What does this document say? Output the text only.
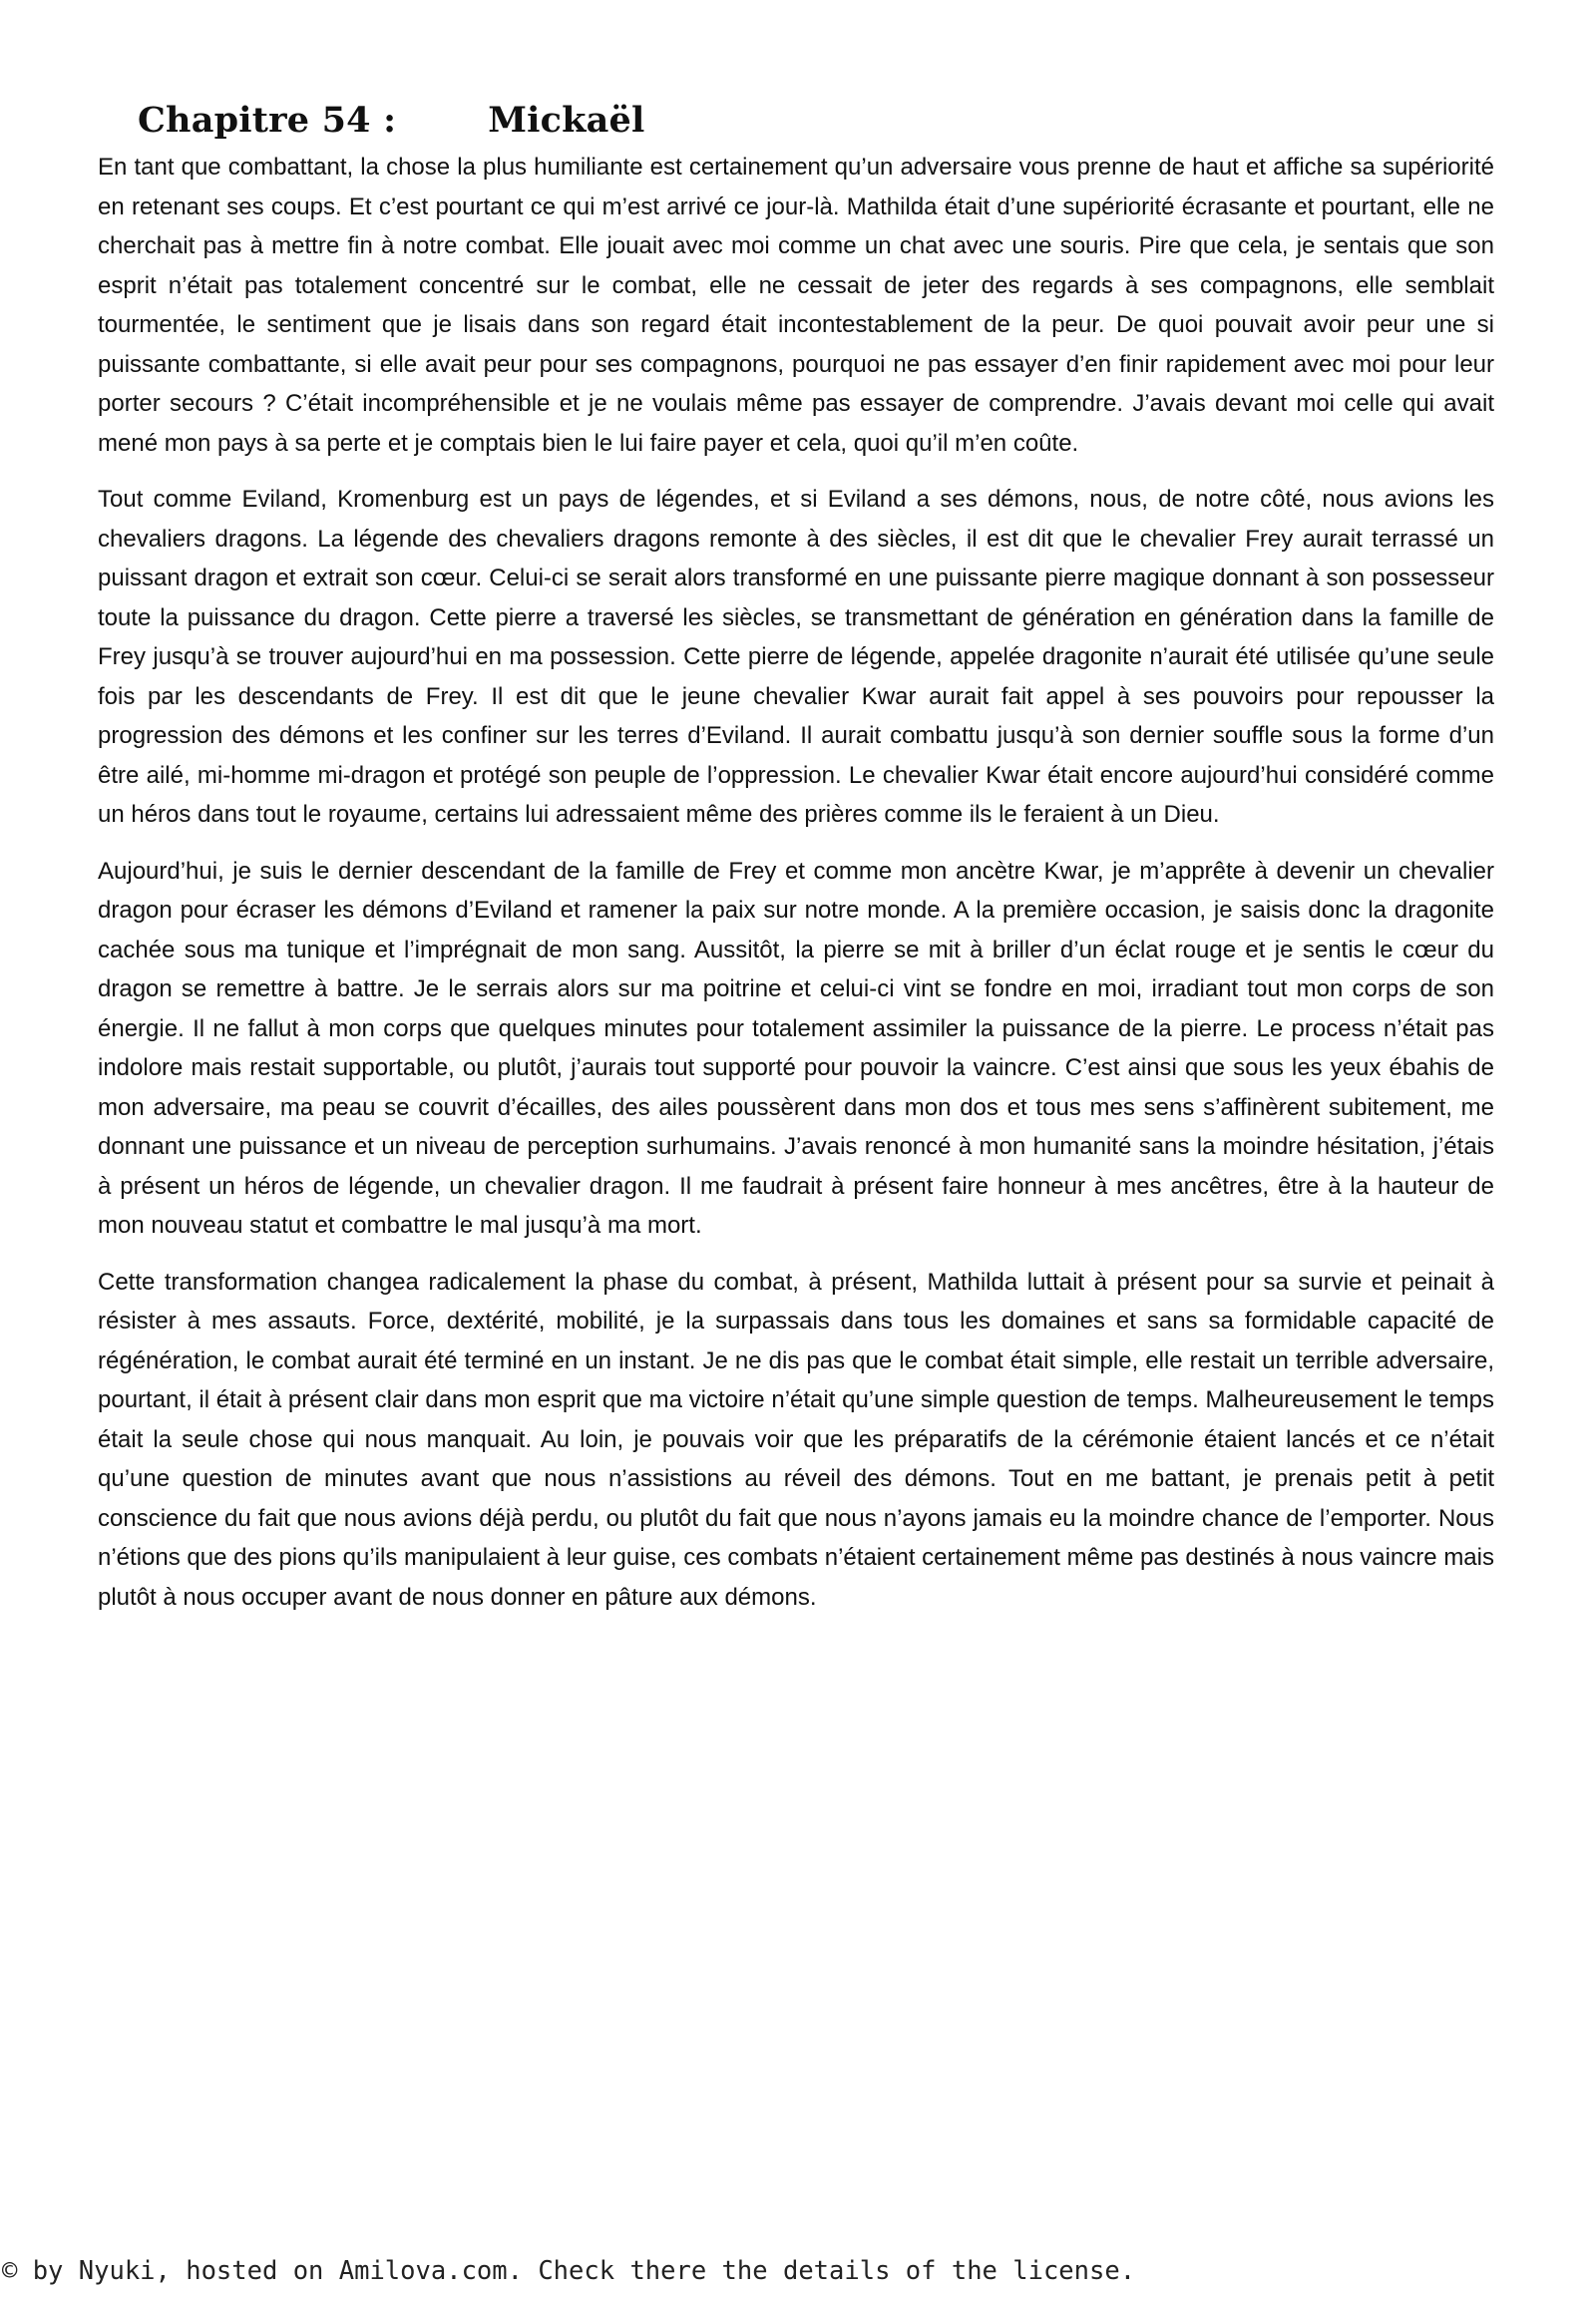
Chapitre 54 :	Mickaël

En tant que combattant, la chose la plus humiliante est certainement qu’un adversaire vous prenne de haut et affiche sa supériorité en retenant ses coups. Et c’est pourtant ce qui m’est arrivé ce jour-là. Mathilda était d’une supériorité écrasante et pourtant, elle ne cherchait pas à mettre fin à notre combat. Elle jouait avec moi comme un chat avec une souris. Pire que cela, je sentais que son esprit n’était pas totalement concentré sur le combat, elle ne cessait de jeter des regards à ses compagnons, elle semblait tourmentée, le sentiment que je lisais dans son regard était incontestablement de la peur. De quoi pouvait avoir peur une si puissante combattante, si elle avait peur pour ses compagnons, pourquoi ne pas essayer d’en finir rapidement avec moi pour leur porter secours ? C’était incompréhensible et je ne voulais même pas essayer de comprendre. J’avais devant moi celle qui avait mené mon pays à sa perte et je comptais bien le lui faire payer et cela, quoi qu’il m’en coûte.

Tout comme Eviland, Kromenburg est un pays de légendes, et si Eviland a ses démons, nous, de notre côté, nous avions les chevaliers dragons. La légende des chevaliers dragons remonte à des siècles, il est dit que le chevalier Frey aurait terrassé un puissant dragon et extrait son cœur. Celui-ci se serait alors transformé en une puissante pierre magique donnant à son possesseur toute la puissance du dragon. Cette pierre a traversé les siècles, se transmettant de génération en génération dans la famille de Frey jusqu’à se trouver aujourd’hui en ma possession. Cette pierre de légende, appelée dragonite n’aurait été utilisée qu’une seule fois par les descendants de Frey. Il est dit que le jeune chevalier Kwar aurait fait appel à ses pouvoirs pour repousser la progression des démons et les confiner sur les terres d’Eviland. Il aurait combattu jusqu’à son dernier souffle sous la forme d’un être ailé, mi-homme mi-dragon et protégé son peuple de l’oppression. Le chevalier Kwar était encore aujourd’hui considéré comme un héros dans tout le royaume, certains lui adressaient même des prières comme ils le feraient à un Dieu.

Aujourd’hui, je suis le dernier descendant de la famille de Frey et comme mon ancètre Kwar, je m’apprête à devenir un chevalier dragon pour écraser les démons d’Eviland et ramener la paix sur notre monde. A la première occasion, je saisis donc la dragonite cachée sous ma tunique et l’imprégnait de mon sang. Aussitôt, la pierre se mit à briller d’un éclat rouge et je sentis le cœur du dragon se remettre à battre. Je le serrais alors sur ma poitrine et celui-ci vint se fondre en moi, irradiant tout mon corps de son énergie. Il ne fallut à mon corps que quelques minutes pour totalement assimiler la puissance de la pierre. Le process n’était pas indolore mais restait supportable, ou plutôt, j’aurais tout supporté pour pouvoir la vaincre. C’est ainsi que sous les yeux ébahis de mon adversaire, ma peau se couvrit d’écailles, des ailes poussèrent dans mon dos et tous mes sens s’affinèrent subitement, me donnant une puissance et un niveau de perception surhumains. J’avais renoncé à mon humanité sans la moindre hésitation, j’étais à présent un héros de légende, un chevalier dragon. Il me faudrait à présent faire honneur à mes ancêtres, être à la hauteur de mon nouveau statut et combattre le mal jusqu’à ma mort.

Cette transformation changea radicalement la phase du combat, à présent, Mathilda luttait à présent pour sa survie et peinait à résister à mes assauts. Force, dextérité, mobilité, je la surpassais dans tous les domaines et sans sa formidable capacité de régénération, le combat aurait été terminé en un instant. Je ne dis pas que le combat était simple, elle restait un terrible adversaire, pourtant, il était à présent clair dans mon esprit que ma victoire n’était qu’une simple question de temps. Malheureusement le temps était la seule chose qui nous manquait. Au loin, je pouvais voir que les préparatifs de la cérémonie étaient lancés et ce n’était qu’une question de minutes avant que nous n’assistions au réveil des démons. Tout en me battant, je prenais petit à petit conscience du fait que nous avions déjà perdu, ou plutôt du fait que nous n’ayons jamais eu la moindre chance de l’emporter. Nous n’étions que des pions qu’ils manipulaient à leur guise, ces combats n’étaient certainement même pas destinés à nous vaincre mais plutôt à nous occuper avant de nous donner en pâture aux démons.

© by Nyuki, hosted on Amilova.com. Check there the details of the license.
